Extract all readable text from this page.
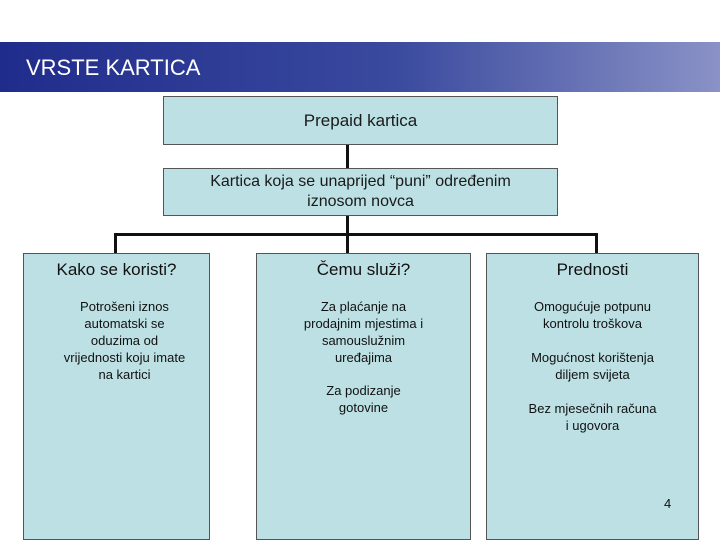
VRSTE KARTICA
Prepaid kartica
Kartica koja se unaprijed “puni” određenim iznosom novca
Kako se koristi?
Potrošeni iznos automatski se oduzima od vrijednosti koju imate na kartici
Čemu služi?
Za plaćanje na prodajnim mjestima i samouslužnim uređajima
Za podizanje gotovine
Prednosti
Omogućuje potpunu kontrolu troškova
Mogućnost korištenja diljem svijeta
Bez mjesečnih računa i ugovora
4
